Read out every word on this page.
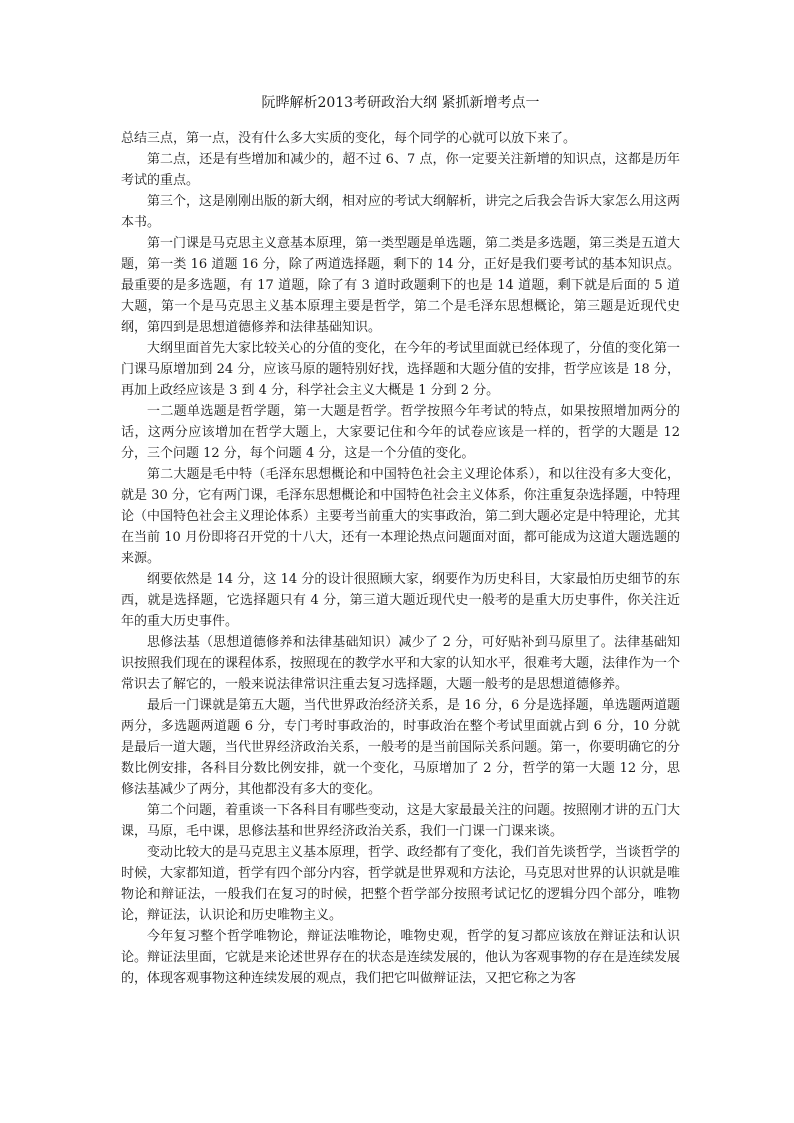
阮晔解析2013考研政治大纲 紧抓新增考点一

总结三点，第一点，没有什么多大实质的变化，每个同学的心就可以放下来了。

第二点，还是有些增加和减少的，超不过 6、7 点，你一定要关注新增的知识点，这都是历年考试的重点。

第三个，这是刚刚出版的新大纲，相对应的考试大纲解析，讲完之后我会告诉大家怎么用这两本书。

第一门课是马克思主义意基本原理，第一类型题是单选题，第二类是多选题，第三类是五道大题，第一类 16 道题 16 分，除了两道选择题，剩下的 14 分，正好是我们要考试的基本知识点。最重要的是多选题，有 17 道题，除了有 3 道时政题剩下的也是 14 道题，剩下就是后面的 5 道大题，第一个是马克思主义基本原理主要是哲学，第二个是毛泽东思想概论，第三题是近现代史纲，第四到是思想道德修养和法律基础知识。

大纲里面首先大家比较关心的分值的变化，在今年的考试里面就已经体现了，分值的变化第一门课马原增加到 24 分，应该马原的题特别好找，选择题和大题分值的安排，哲学应该是 18 分，再加上政经应该是 3 到 4 分，科学社会主义大概是 1 分到 2 分。

一二题单选题是哲学题，第一大题是哲学。哲学按照今年考试的特点，如果按照增加两分的话，这两分应该增加在哲学大题上，大家要记住和今年的试卷应该是一样的，哲学的大题是 12 分，三个问题 12 分，每个问题 4 分，这是一个分值的变化。

第二大题是毛中特（毛泽东思想概论和中国特色社会主义理论体系），和以往没有多大变化，就是 30 分，它有两门课，毛泽东思想概论和中国特色社会主义体系，你注重复杂选择题，中特理论（中国特色社会主义理论体系）主要考当前重大的实事政治，第二到大题必定是中特理论，尤其在当前 10 月份即将召开党的十八大，还有一本理论热点问题面对面，都可能成为这道大题选题的来源。

纲要依然是 14 分，这 14 分的设计很照顾大家，纲要作为历史科目，大家最怕历史细节的东西，就是选择题，它选择题只有 4 分，第三道大题近现代史一般考的是重大历史事件，你关注近年的重大历史事件。

思修法基（思想道德修养和法律基础知识）减少了 2 分，可好贴补到马原里了。法律基础知识按照我们现在的课程体系，按照现在的教学水平和大家的认知水平，很难考大题，法律作为一个常识去了解它的，一般来说法律常识注重去复习选择题，大题一般考的是思想道德修养。

最后一门课就是第五大题，当代世界政治经济关系，是 16 分，6 分是选择题，单选题两道题两分，多选题两道题 6 分，专门考时事政治的，时事政治在整个考试里面就占到 6 分，10 分就是最后一道大题，当代世界经济政治关系，一般考的是当前国际关系问题。第一，你要明确它的分数比例安排，各科目分数比例安排，就一个变化，马原增加了 2 分，哲学的第一大题 12 分，思修法基减少了两分，其他都没有多大的变化。

第二个问题，着重谈一下各科目有哪些变动，这是大家最最关注的问题。按照刚才讲的五门大课，马原，毛中课，思修法基和世界经济政治关系，我们一门课一门课来谈。

变动比较大的是马克思主义基本原理，哲学、政经都有了变化，我们首先谈哲学，当谈哲学的时候，大家都知道，哲学有四个部分内容，哲学就是世界观和方法论，马克思对世界的认识就是唯物论和辩证法，一般我们在复习的时候，把整个哲学部分按照考试记忆的逻辑分四个部分，唯物论，辩证法，认识论和历史唯物主义。

今年复习整个哲学唯物论，辩证法唯物论，唯物史观，哲学的复习都应该放在辩证法和认识论。辩证法里面，它就是来论述世界存在的状态是连续发展的，他认为客观事物的存在是连续发展的，体现客观事物这种连续发展的观点，我们把它叫做辩证法，又把它称之为客
